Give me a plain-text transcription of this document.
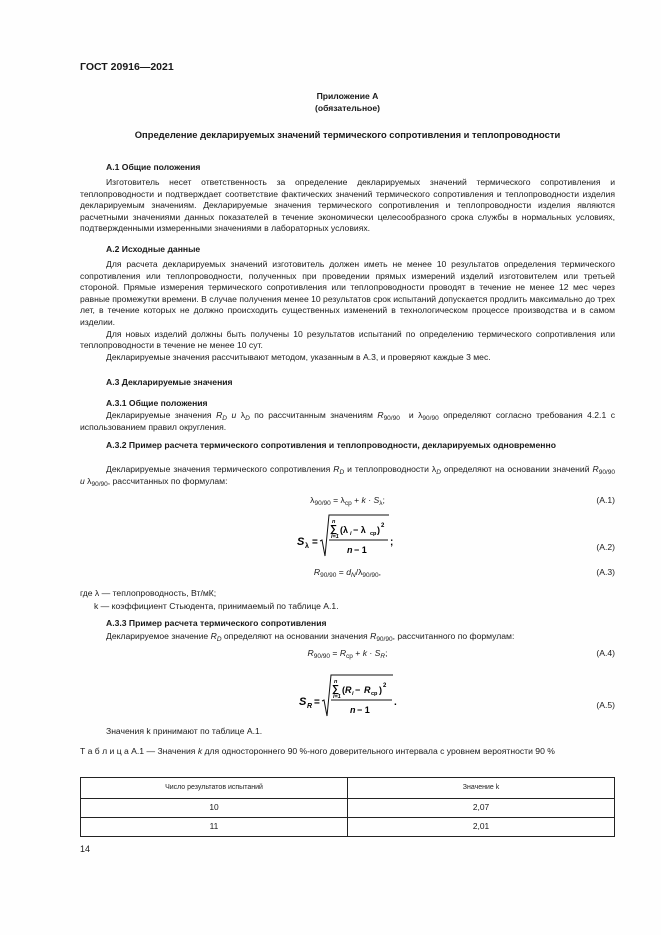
ГОСТ 20916—2021
Приложение А
(обязательное)
Определение декларируемых значений термического сопротивления и теплопроводности
А.1 Общие положения

Изготовитель несет ответственность за определение декларируемых значений термического сопротивления и теплопроводности и подтверждает соответствие фактических значений термического сопротивления и теплопроводности изделия декларируемым значениям. Декларируемые значения термического сопротивления и теплопроводности изделия являются расчетными значениями данных показателей в течение экономически целесообразного срока службы в нормальных условиях, подтвержденными измеренными значениями в лабораторных условиях.

А.2 Исходные данные

Для расчета декларируемых значений изготовитель должен иметь не менее 10 результатов определения термического сопротивления или теплопроводности, полученных при проведении прямых измерений изделий изготовителем или третьей стороной. Прямые измерения термического сопротивления или теплопроводности проводят в течение не менее 12 мес через равные промежутки времени. В случае получения менее 10 результатов срок испытаний допускается продлить максимально до трех лет, в течение которых не должно происходить существенных изменений в технологическом процессе производства и в самом изделии.

Для новых изделий должны быть получены 10 результатов испытаний по определению термического сопротивления или теплопроводности в течение не менее 10 сут.

Декларируемые значения рассчитывают методом, указанным в А.3, и проверяют каждые 3 мес.

А.3 Декларируемые значения
А.3.1 Общие положения

Декларируемые значения $R_D$ и $\lambda_D$ по рассчитанным значениям $R_{90/90}$  и $\lambda_{90/90}$ определяют согласно требования 4.2.1 с использованием правил округления.

А.3.2 Пример расчета термического сопротивления и теплопроводности, декларируемых одновременно

Декларируемые значения термического сопротивления $R_D$ и теплопроводности $\lambda_D$ определяют на основании значений $R_{90/90}$ и $\lambda_{90/90}$, рассчитанных по формулам:

$\lambda_{90/90} = \lambda_{ср} + k \cdot S_\lambda$;	(А.1)
S λ =
n
∑
i=1
(λ i − λ ср ) 2
n − 1
;	(А.2)
$R_{90/90} = d_N/\lambda_{90/90}$,	(А.3)
где λ — теплопроводность, Вт/мК;
k — коэффициент Стьюдента, принимаемый по таблице А.1.
А.3.3 Пример расчета термического сопротивления

Декларируемое значение $R_D$ определяют на основании значения $R_{90/90}$, рассчитанного по формулам:

$R_{90/90} = R_{ср} + k \cdot S_R$;	(А.4)
S R =
n
∑
i=1
( R i − R ср ) 2
n − 1
.	(А.5)
Значения k принимают по таблице А.1.
Т а б л и ц а А.1 — Значения k для одностороннего 90 %-ного доверительного интервала с уровнем вероятности 90 %
Число результатов испытаний	Значение k
10	2,07
11	2,01
14
